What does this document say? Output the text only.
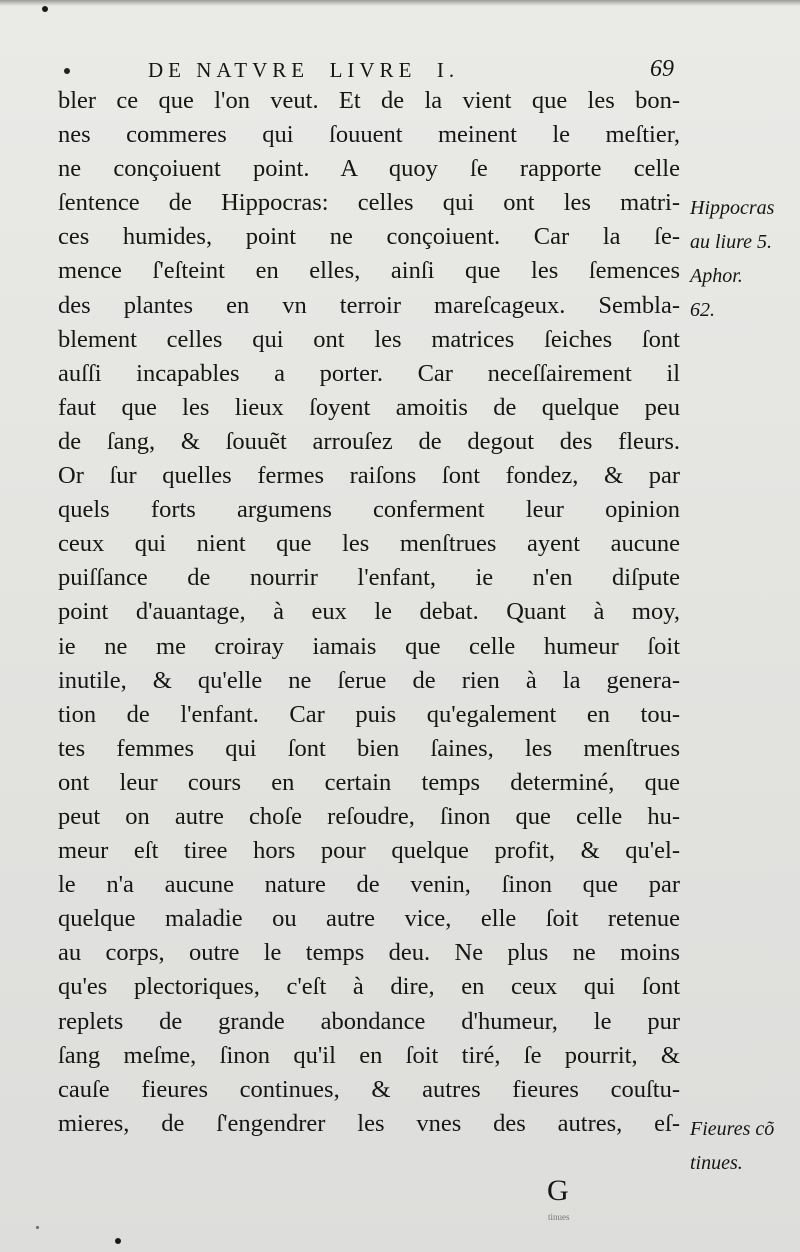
DE NATVRE  LIVRE  I.	69
bler ce que l'on veut. Et de la vient que les bon-
nes commeres qui ſouuent meinent le meſtier,
ne conçoiuent point. A quoy ſe rapporte celle
ſentence de Hippocras: celles qui ont les matri-
ces humides, point ne conçoiuent. Car la ſe-
mence ſ'eſteint en elles, ainſi que les ſemences
des plantes en vn terroir mareſcageux. Sembla-
blement celles qui ont les matrices ſeiches ſont
auſſi incapables a porter. Car neceſſairement il
faut que les lieux ſoyent amoitis de quelque peu
de ſang, & ſouuẽt arrouſez de degout des fleurs.
Or ſur quelles fermes raiſons ſont fondez, & par
quels forts argumens conferment leur opinion
ceux qui nient que les menſtrues ayent aucune
puiſſance de nourrir l'enfant, ie n'en diſpute
point d'auantage, à eux le debat. Quant à moy,
ie ne me croiray iamais que celle humeur ſoit
inutile, & qu'elle ne ſerue de rien à la genera-
tion de l'enfant. Car puis qu'egalement en tou-
tes femmes qui ſont bien ſaines, les menſtrues
ont leur cours en certain temps determiné, que
peut on autre choſe reſoudre, ſinon que celle hu-
meur eſt tiree hors pour quelque profit, & qu'el-
le n'a aucune nature de venin, ſinon que par
quelque maladie ou autre vice, elle ſoit retenue
au corps, outre le temps deu. Ne plus ne moins
qu'es plectoriques, c'eſt à dire, en ceux qui ſont
replets de grande abondance d'humeur, le pur
ſang meſme, ſinon qu'il en ſoit tiré, ſe pourrit, &
cauſe fieures continues, & autres fieures couſtu-
mieres, de ſ'engendrer les vnes des autres, eſ-
Hippocras
au liure 5.
Aphor.
62.
Fieures cõ
tinues.
G
tinues
